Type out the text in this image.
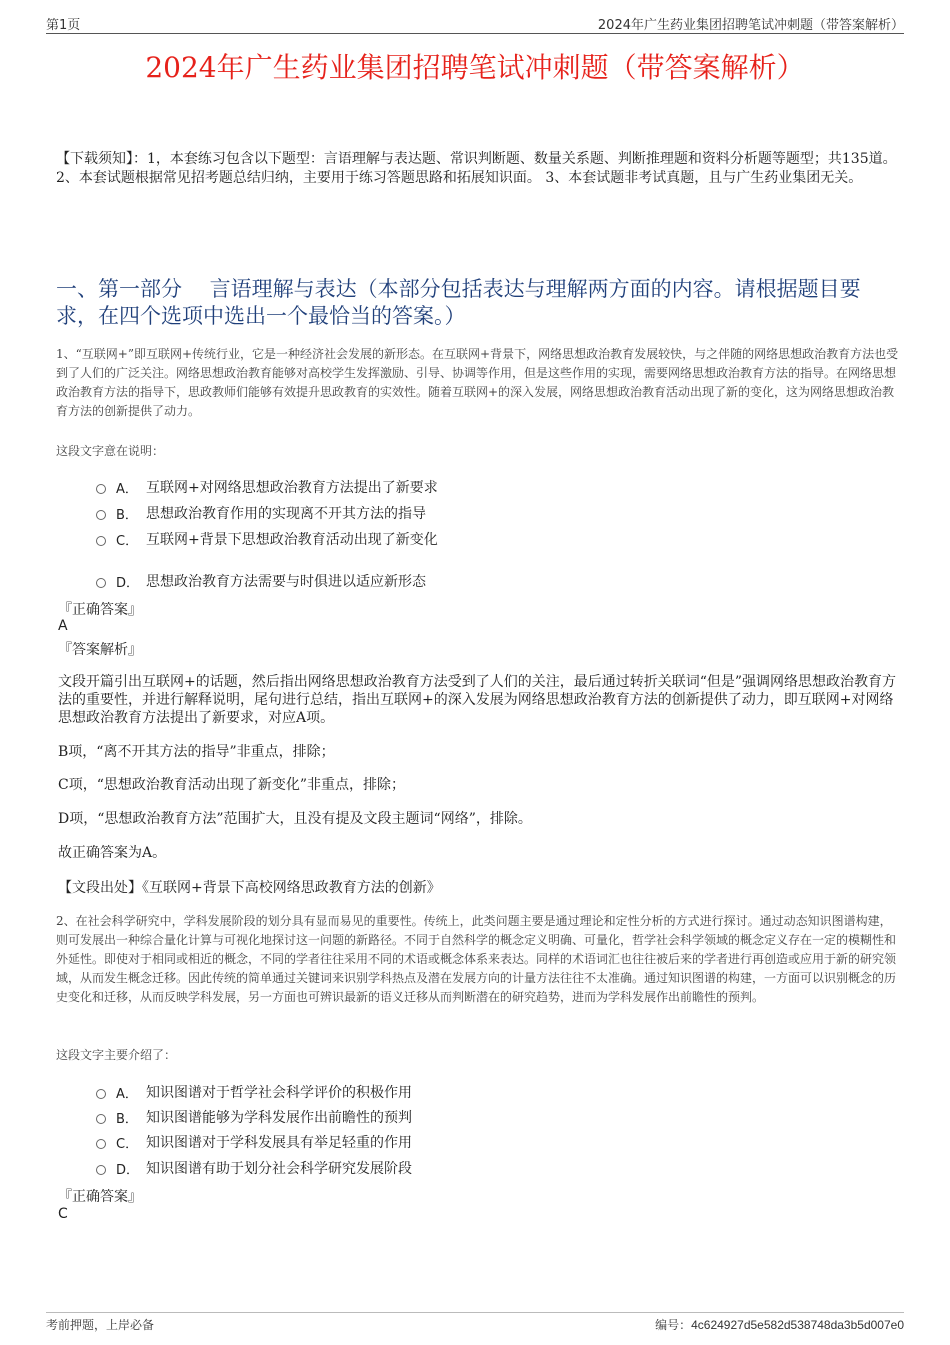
第1页	2024年广生药业集团招聘笔试冲刺题（带答案解析）
2024年广生药业集团招聘笔试冲刺题（带答案解析）
【下载须知】：1，本套练习包含以下题型：言语理解与表达题、常识判断题、数量关系题、判断推理题和资料分析题等题型；共135道。 2、本套试题根据常见招考题总结归纳，主要用于练习答题思路和拓展知识面。 3、本套试题非考试真题，且与广生药业集团无关。
一、第一部分　 言语理解与表达（本部分包括表达与理解两方面的内容。请根据题目要求，在四个选项中选出一个最恰当的答案。）
1、“互联网+”即互联网+传统行业，它是一种经济社会发展的新形态。在互联网+背景下，网络思想政治教育发展较快，与之伴随的网络思想政治教育方法也受到了人们的广泛关注。网络思想政治教育能够对高校学生发挥激励、引导、协调等作用，但是这些作用的实现，需要网络思想政治教育方法的指导。在网络思想政治教育方法的指导下，思政教师们能够有效提升思政教育的实效性。随着互联网+的深入发展，网络思想政治教育活动出现了新的变化，这为网络思想政治教育方法的创新提供了动力。
这段文字意在说明：
A． 互联网+对网络思想政治教育方法提出了新要求
B． 思想政治教育作用的实现离不开其方法的指导
C． 互联网+背景下思想政治教育活动出现了新变化
D． 思想政治教育方法需要与时俱进以适应新形态
『正确答案』
A
『答案解析』
文段开篇引出互联网+的话题，然后指出网络思想政治教育方法受到了人们的关注，最后通过转折关联词“但是”强调网络思想政治教育方法的重要性，并进行解释说明，尾句进行总结，指出互联网+的深入发展为网络思想政治教育方法的创新提供了动力，即互联网+对网络思想政治教育方法提出了新要求，对应A项。
B项，“离不开其方法的指导”非重点，排除；
C项，“思想政治教育活动出现了新变化”非重点，排除；
D项，“思想政治教育方法”范围扩大，且没有提及文段主题词“网络”，排除。
故正确答案为A。
【文段出处】《互联网+背景下高校网络思政教育方法的创新》
2、在社会科学研究中，学科发展阶段的划分具有显而易见的重要性。传统上，此类问题主要是通过理论和定性分析的方式进行探讨。通过动态知识图谱构建，则可发展出一种综合量化计算与可视化地探讨这一问题的新路径。不同于自然科学的概念定义明确、可量化，哲学社会科学领域的概念定义存在一定的模糊性和外延性。即使对于相同或相近的概念，不同的学者往往采用不同的术语或概念体系来表达。同样的术语词汇也往往被后来的学者进行再创造或应用于新的研究领域，从而发生概念迁移。因此传统的简单通过关键词来识别学科热点及潜在发展方向的计量方法往往不太准确。通过知识图谱的构建，一方面可以识别概念的历史变化和迁移，从而反映学科发展，另一方面也可辨识最新的语义迁移从而判断潜在的研究趋势，进而为学科发展作出前瞻性的预判。
这段文字主要介绍了：
A． 知识图谱对于哲学社会科学评价的积极作用
B． 知识图谱能够为学科发展作出前瞻性的预判
C． 知识图谱对于学科发展具有举足轻重的作用
D． 知识图谱有助于划分社会科学研究发展阶段
『正确答案』
C
考前押题，上岸必备	编号：4c624927d5e582d538748da3b5d007e0
